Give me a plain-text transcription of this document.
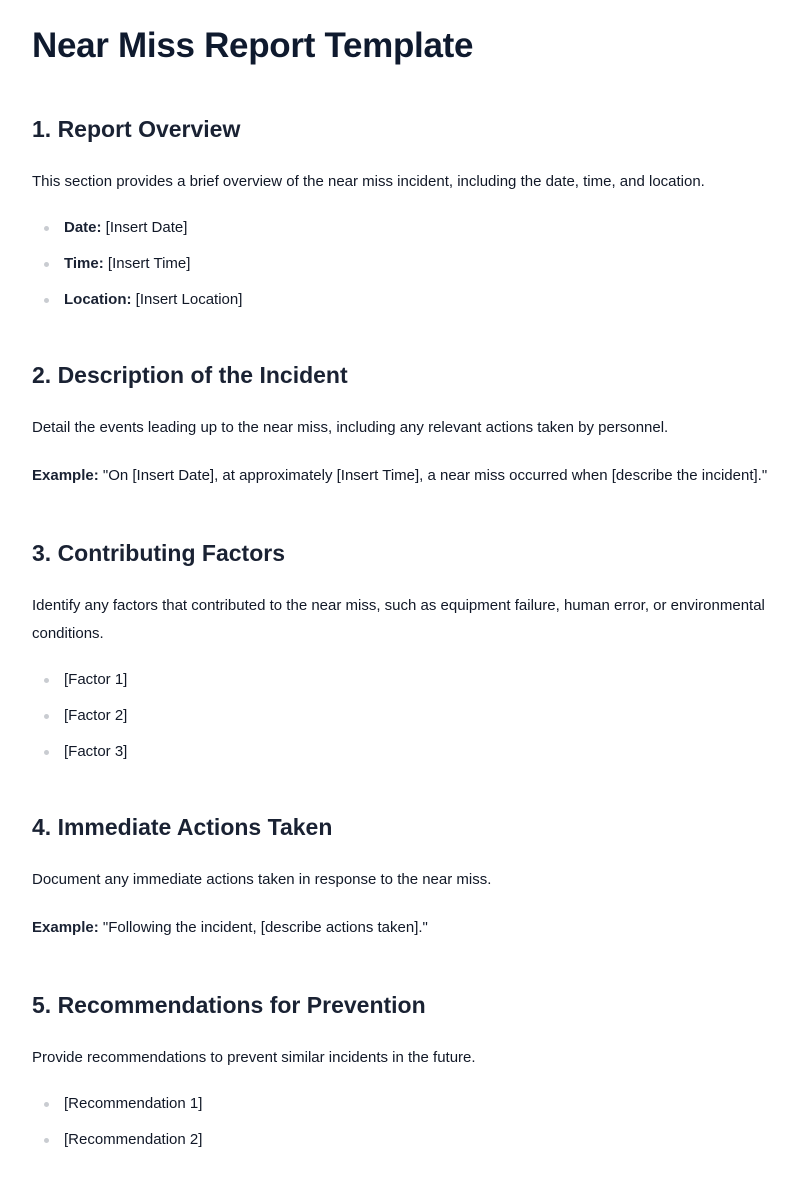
Near Miss Report Template
1. Report Overview

This section provides a brief overview of the near miss incident, including the date, time, and location.

Date: [Insert Date]
Time: [Insert Time]
Location: [Insert Location]
2. Description of the Incident

Detail the events leading up to the near miss, including any relevant actions taken by personnel.

Example: "On [Insert Date], at approximately [Insert Time], a near miss occurred when [describe the incident]."

3. Contributing Factors

Identify any factors that contributed to the near miss, such as equipment failure, human error, or environmental conditions.

[Factor 1]
[Factor 2]
[Factor 3]
4. Immediate Actions Taken

Document any immediate actions taken in response to the near miss.

Example: "Following the incident, [describe actions taken]."

5. Recommendations for Prevention

Provide recommendations to prevent similar incidents in the future.

[Recommendation 1]
[Recommendation 2]
